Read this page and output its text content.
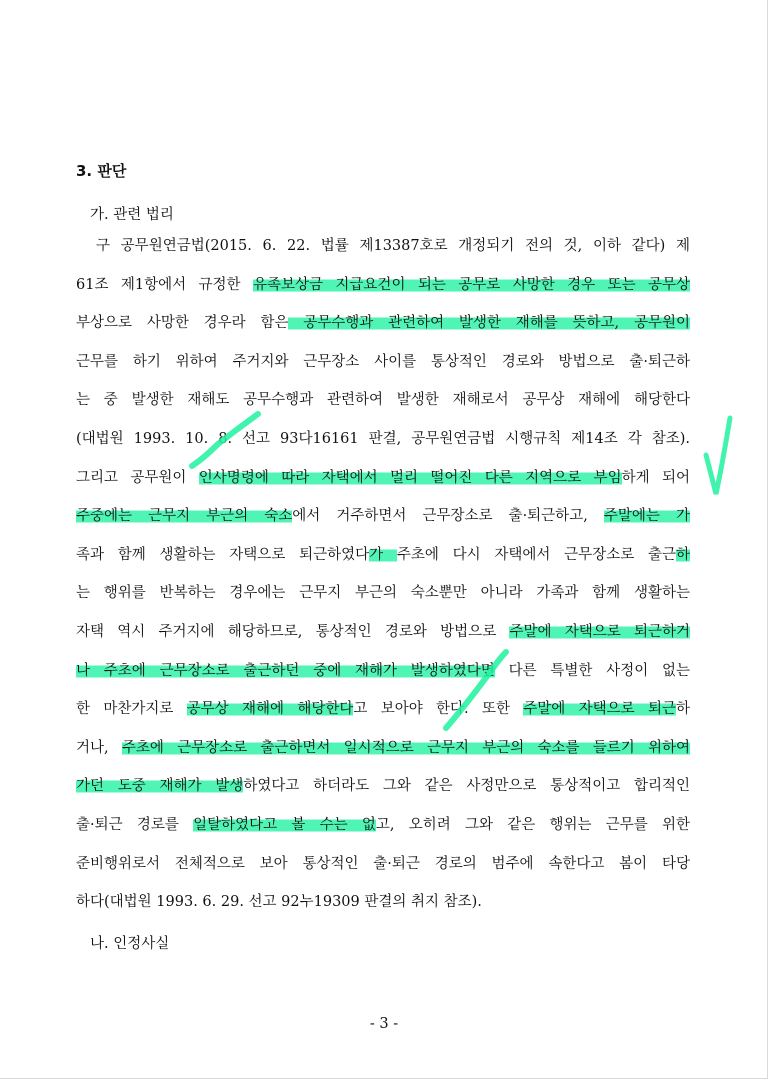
3. 판단
가. 관련 법리
구 공무원연금법(2015. 6. 22. 법률 제13387호로 개정되기 전의 것, 이하 같다) 제
61조 제1항에서 규정한 유족보상금 지급요건이 되는 공무로 사망한 경우 또는 공무상
부상으로 사망한 경우라 함은 공무수행과 관련하여 발생한 재해를 뜻하고, 공무원이
근무를 하기 위하여 주거지와 근무장소 사이를 통상적인 경로와 방법으로 출·퇴근하
는 중 발생한 재해도 공무수행과 관련하여 발생한 재해로서 공무상 재해에 해당한다
(대법원 1993. 10. 8. 선고 93다16161 판결, 공무원연금법 시행규칙 제14조 각 참조).
그리고 공무원이 인사명령에 따라 자택에서 멀리 떨어진 다른 지역으로 부임하게 되어
주중에는 근무지 부근의 숙소에서 거주하면서 근무장소로 출·퇴근하고, 주말에는 가
족과 함께 생활하는 자택으로 퇴근하였다가 주초에 다시 자택에서 근무장소로 출근하
는 행위를 반복하는 경우에는 근무지 부근의 숙소뿐만 아니라 가족과 함께 생활하는
자택 역시 주거지에 해당하므로, 통상적인 경로와 방법으로 주말에 자택으로 퇴근하거
나 주초에 근무장소로 출근하던 중에 재해가 발생하였다면 다른 특별한 사정이 없는
한 마찬가지로 공무상 재해에 해당한다고 보아야 한다. 또한 주말에 자택으로 퇴근하
거나, 주초에 근무장소로 출근하면서 일시적으로 근무지 부근의 숙소를 들르기 위하여
가던 도중 재해가 발생하였다고 하더라도 그와 같은 사정만으로 통상적이고 합리적인
출·퇴근 경로를 일탈하였다고 볼 수는 없고, 오히려 그와 같은 행위는 근무를 위한
준비행위로서 전체적으로 보아 통상적인 출·퇴근 경로의 범주에 속한다고 봄이 타당
하다(대법원 1993. 6. 29. 선고 92누19309 판결의 취지 참조).
나. 인정사실
- 3 -
